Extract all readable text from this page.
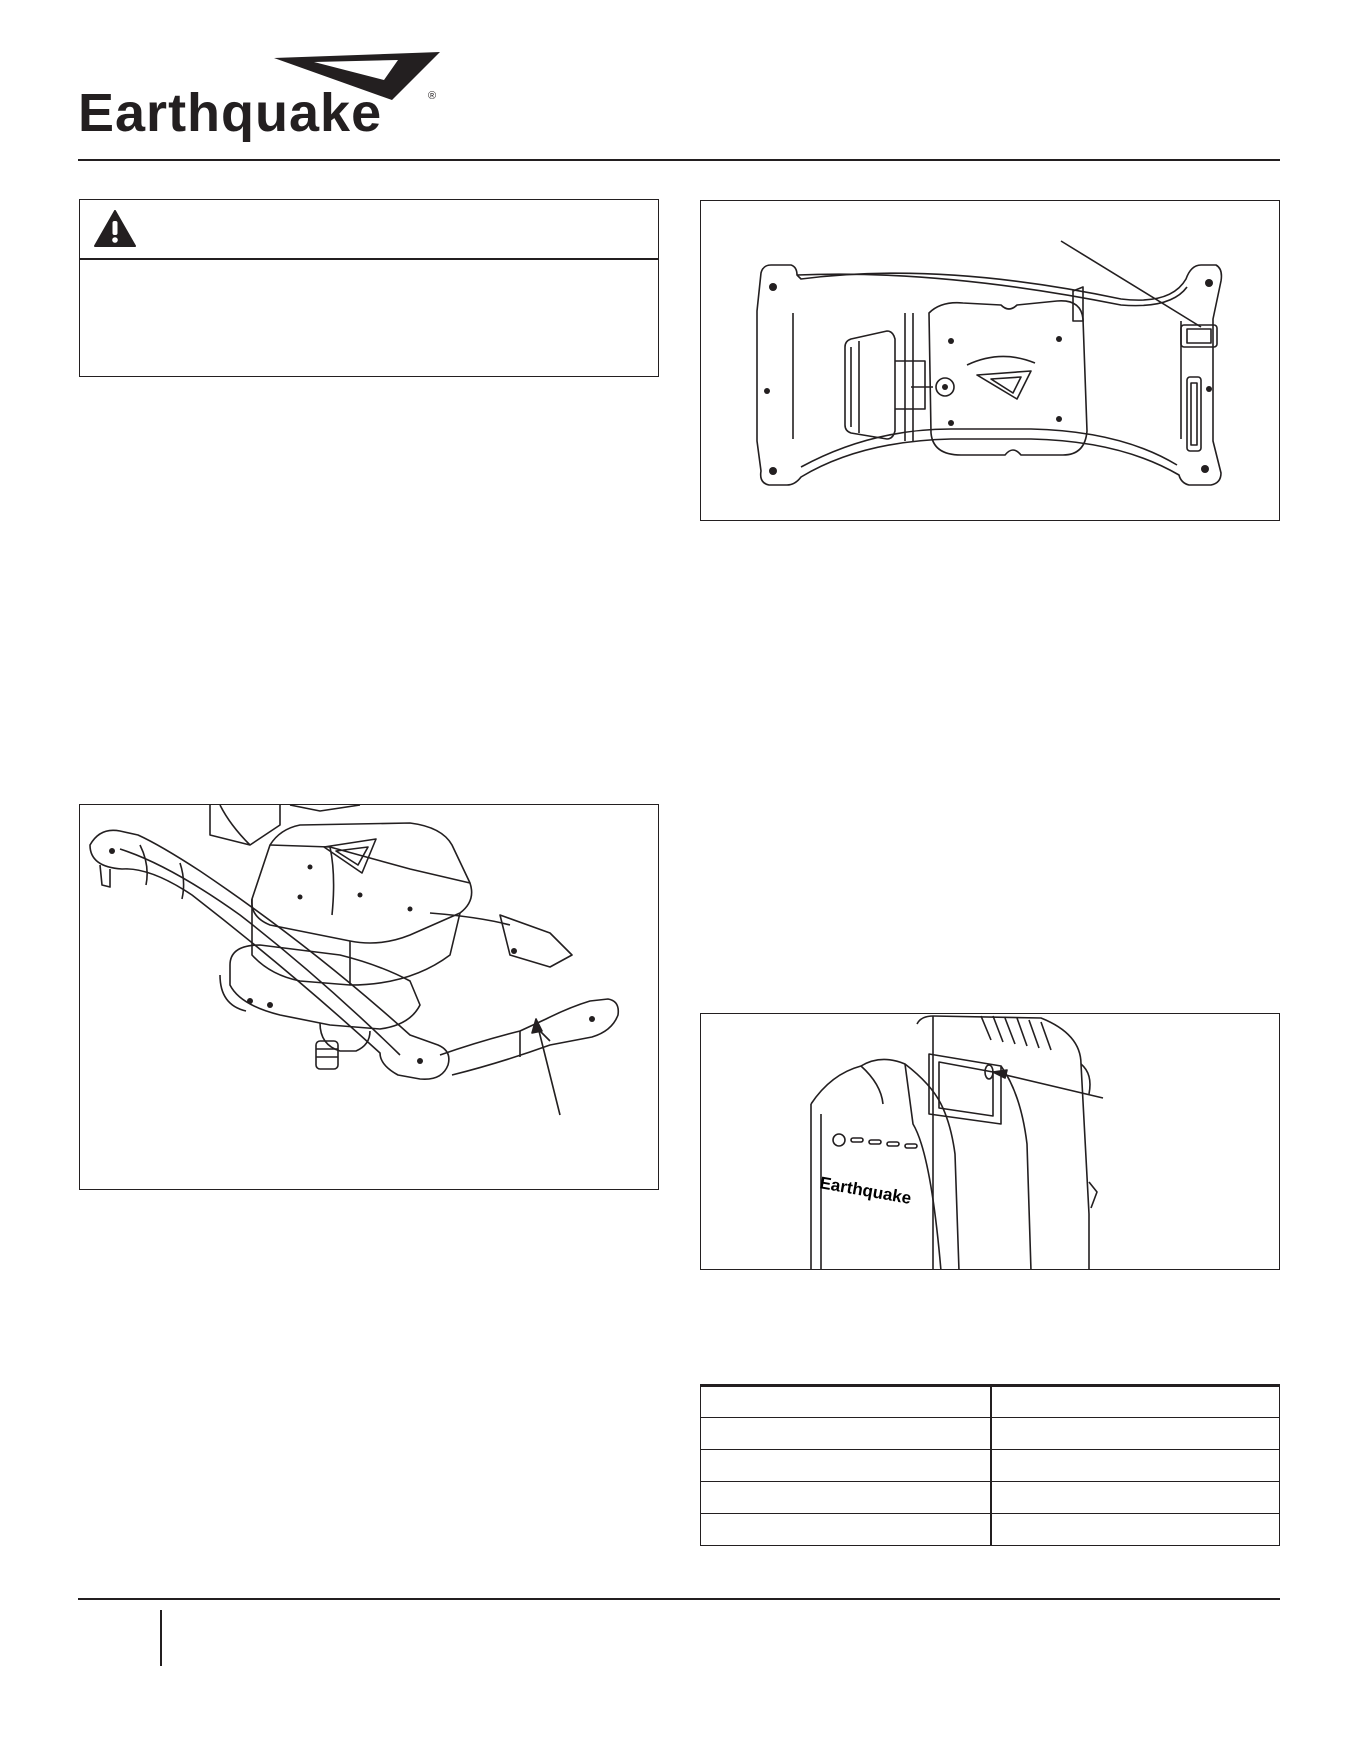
Earthquake	®
Earthquake
